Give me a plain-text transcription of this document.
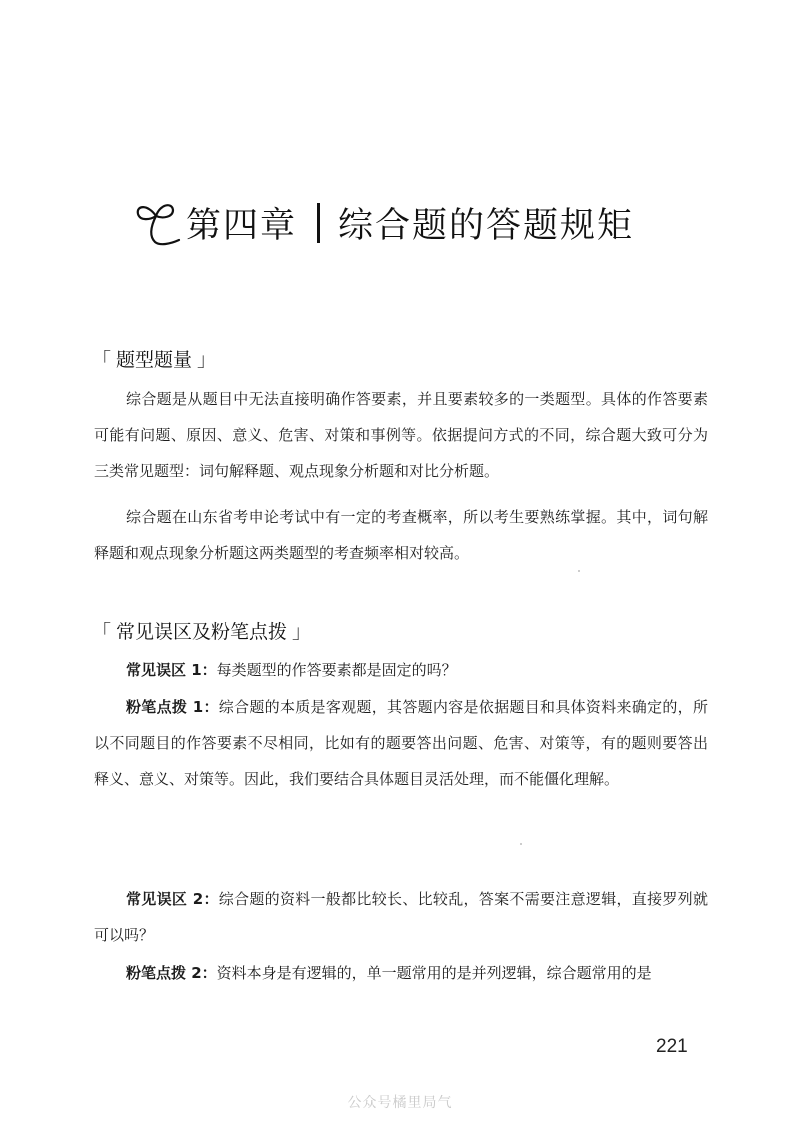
第四章 综合题的答题规矩
「 题型题量 」

综合题是从题目中无法直接明确作答要素，并且要素较多的一类题型。具体的作答要素可能有问题、原因、意义、危害、对策和事例等。依据提问方式的不同，综合题大致可分为三类常见题型：词句解释题、观点现象分析题和对比分析题。

综合题在山东省考申论考试中有一定的考查概率，所以考生要熟练掌握。其中，词句解释题和观点现象分析题这两类题型的考查频率相对较高。

「 常见误区及粉笔点拨 」

常见误区 1：每类题型的作答要素都是固定的吗？

粉笔点拨 1：综合题的本质是客观题，其答题内容是依据题目和具体资料来确定的，所以不同题目的作答要素不尽相同，比如有的题要答出问题、危害、对策等，有的题则要答出释义、意义、对策等。因此，我们要结合具体题目灵活处理，而不能僵化理解。

常见误区 2：综合题的资料一般都比较长、比较乱，答案不需要注意逻辑，直接罗列就可以吗？

粉笔点拨 2：资料本身是有逻辑的，单一题常用的是并列逻辑，综合题常用的是

221
公众号橘里局气
